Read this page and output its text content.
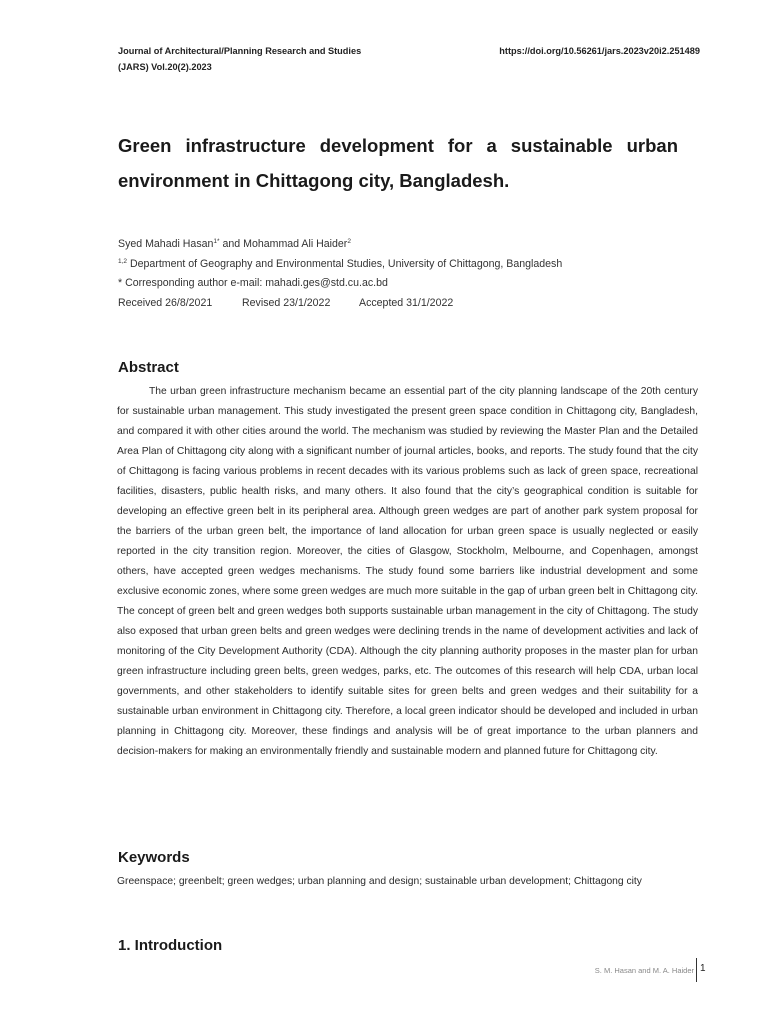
Journal of Architectural/Planning Research and Studies
(JARS) Vol.20(2).2023
https://doi.org/10.56261/jars.2023v20i2.251489
Green infrastructure development for a sustainable urban environment in Chittagong city, Bangladesh.
Syed Mahadi Hasan$^{1*}$ and Mohammad Ali Haider$^2$
$^{1,2}$ Department of Geography and Environmental Studies, University of Chittagong, Bangladesh
* Corresponding author e-mail: mahadi.ges@std.cu.ac.bd
Received 26/8/2021	Revised 23/1/2022	Accepted 31/1/2022
Abstract

The urban green infrastructure mechanism became an essential part of the city planning landscape of the 20th century for sustainable urban management. This study investigated the present green space condition in Chittagong city, Bangladesh, and compared it with other cities around the world. The mechanism was studied by reviewing the Master Plan and the Detailed Area Plan of Chittagong city along with a significant number of journal articles, books, and reports. The study found that the city of Chittagong is facing various problems in recent decades with its various problems such as lack of green space, recreational facilities, disasters, public health risks, and many others. It also found that the city’s geographical condition is suitable for developing an effective green belt in its peripheral area. Although green wedges are part of another park system proposal for the barriers of the urban green belt, the importance of land allocation for urban green space is usually neglected or easily reported in the city transition region. Moreover, the cities of Glasgow, Stockholm, Melbourne, and Copenhagen, amongst others, have accepted green wedges mechanisms. The study found some barriers like industrial development and some exclusive economic zones, where some green wedges are much more suitable in the gap of urban green belt in Chittagong city. The concept of green belt and green wedges both supports sustainable urban management in the city of Chittagong. The study also exposed that urban green belts and green wedges were declining trends in the name of development activities and lack of monitoring of the City Development Authority (CDA). Although the city planning authority proposes in the master plan for urban green infrastructure including green belts, green wedges, parks, etc. The outcomes of this research will help CDA, urban local governments, and other stakeholders to identify suitable sites for green belts and green wedges and their suitability for a sustainable urban environment in Chittagong city. Therefore, a local green indicator should be developed and included in urban planning in Chittagong city. Moreover, these findings and analysis will be of great importance to the urban planners and decision-makers for making an environmentally friendly and sustainable modern and planned future for Chittagong city.

Keywords

Greenspace; greenbelt; green wedges; urban planning and design; sustainable urban development; Chittagong city

1. Introduction
S. M. Hasan and M. A. Haider 1
